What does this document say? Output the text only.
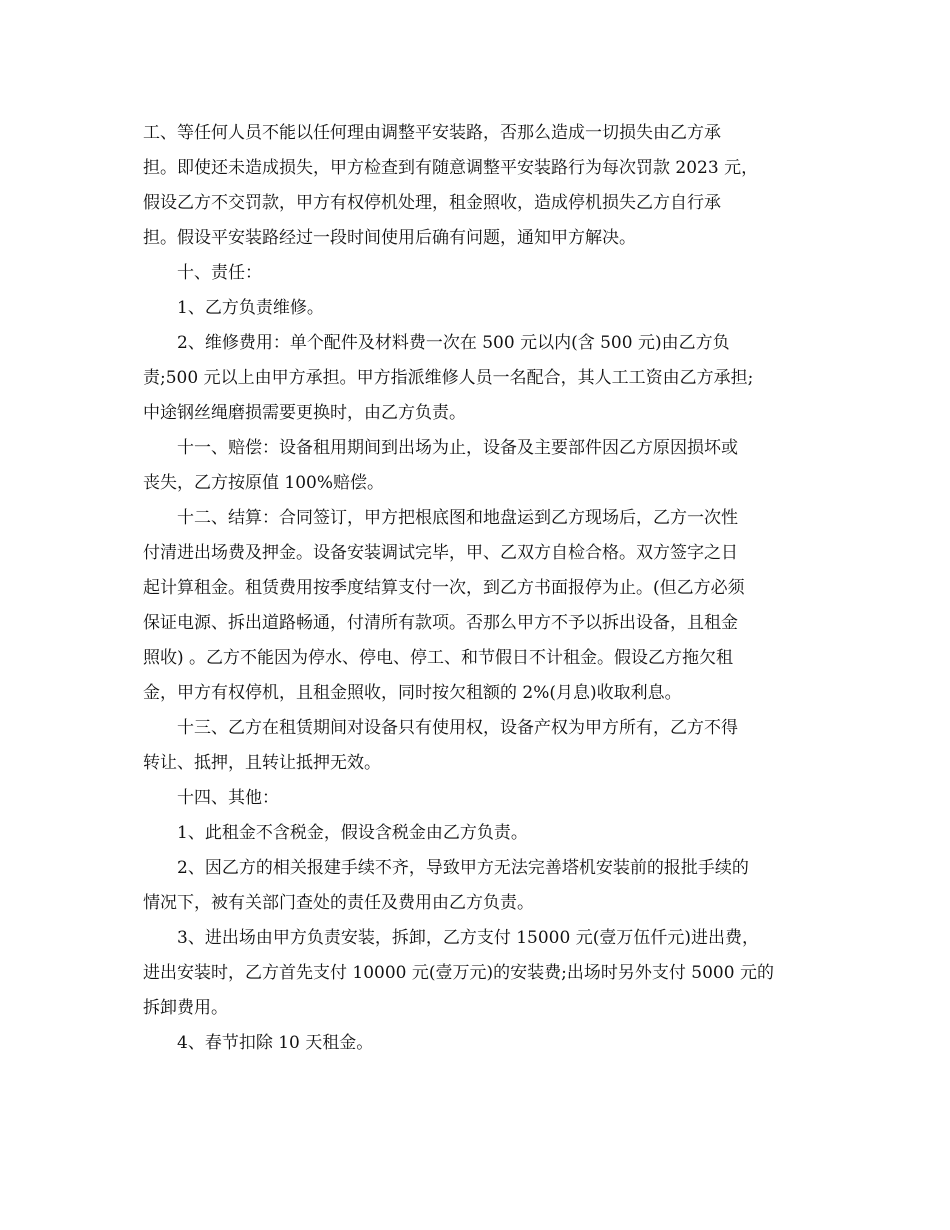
工、等任何人员不能以任何理由调整平安装路，否那么造成一切损失由乙方承
担。即使还未造成损失，甲方检查到有随意调整平安装路行为每次罚款 2023 元，
假设乙方不交罚款，甲方有权停机处理，租金照收，造成停机损失乙方自行承
担。假设平安装路经过一段时间使用后确有问题，通知甲方解决。
十、责任：
1、乙方负责维修。
2、维修费用：单个配件及材料费一次在 500 元以内(含 500 元)由乙方负
责;500 元以上由甲方承担。甲方指派维修人员一名配合，其人工工资由乙方承担;
中途钢丝绳磨损需要更换时，由乙方负责。
十一、赔偿：设备租用期间到出场为止，设备及主要部件因乙方原因损坏或
丧失，乙方按原值 100%赔偿。
十二、结算：合同签订，甲方把根底图和地盘运到乙方现场后，乙方一次性
付清进出场费及押金。设备安装调试完毕，甲、乙双方自检合格。双方签字之日
起计算租金。租赁费用按季度结算支付一次，到乙方书面报停为止。(但乙方必须
保证电源、拆出道路畅通，付清所有款项。否那么甲方不予以拆出设备，且租金
照收) 。乙方不能因为停水、停电、停工、和节假日不计租金。假设乙方拖欠租
金，甲方有权停机，且租金照收，同时按欠租额的 2%(月息)收取利息。
十三、乙方在租赁期间对设备只有使用权，设备产权为甲方所有，乙方不得
转让、抵押，且转让抵押无效。
十四、其他：
1、此租金不含税金，假设含税金由乙方负责。
2、因乙方的相关报建手续不齐，导致甲方无法完善塔机安装前的报批手续的
情况下，被有关部门查处的责任及费用由乙方负责。
3、进出场由甲方负责安装，拆卸，乙方支付 15000 元(壹万伍仟元)进出费，
进出安装时，乙方首先支付 10000 元(壹万元)的安装费;出场时另外支付 5000 元的
拆卸费用。
4、春节扣除 10 天租金。
